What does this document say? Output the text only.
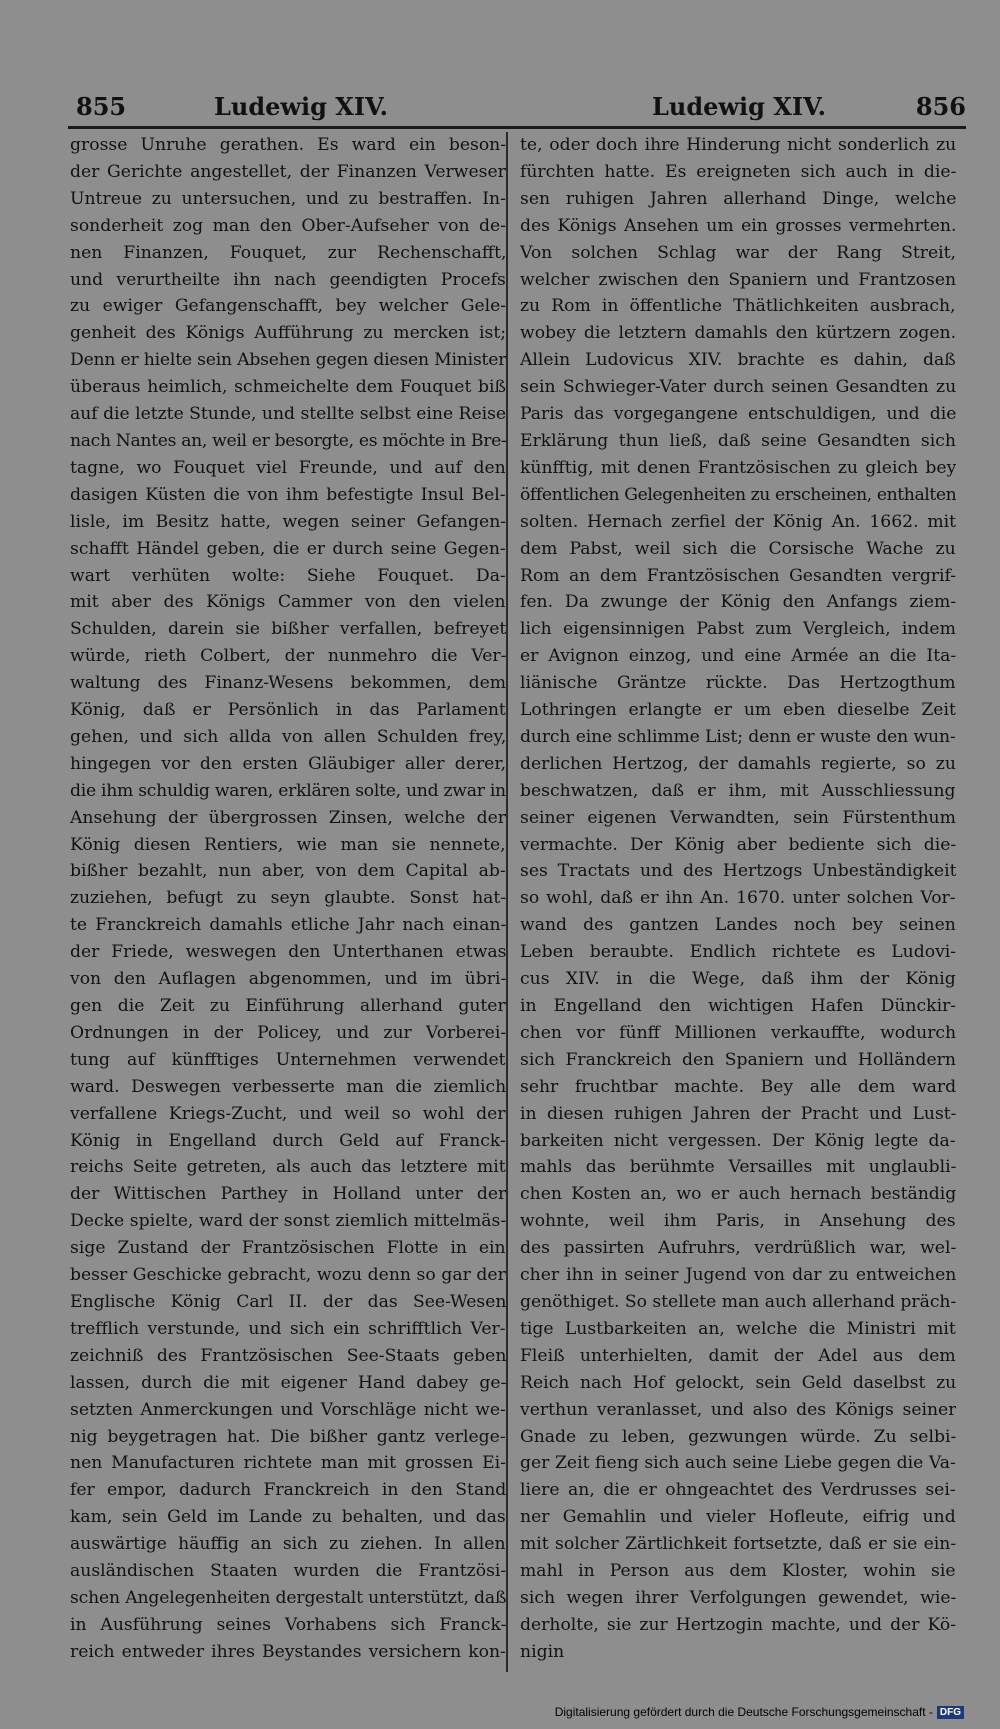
855	Ludewig XIV.	Ludewig XIV.	856

grosse Unruhe gerathen. Es ward ein beson-

der Gerichte angestellet, der Finanzen Verweser

Untreue zu untersuchen, und zu bestraffen. In-

sonderheit zog man den Ober-Aufseher von de-

nen Finanzen, Fouquet, zur Rechenschafft,

und verurtheilte ihn nach geendigten Procefs

zu ewiger Gefangenschafft, bey welcher Gele-

genheit des Königs Aufführung zu mercken ist;

Denn er hielte sein Absehen gegen diesen Minister

überaus heimlich, schmeichelte dem Fouquet biß

auf die letzte Stunde, und stellte selbst eine Reise

nach Nantes an, weil er besorgte, es möchte in Bre-

tagne, wo Fouquet viel Freunde, und auf den

dasigen Küsten die von ihm befestigte Insul Bel-

lisle, im Besitz hatte, wegen seiner Gefangen-

schafft Händel geben, die er durch seine Gegen-

wart verhüten wolte: Siehe Fouquet. Da-

mit aber des Königs Cammer von den vielen

Schulden, darein sie bißher verfallen, befreyet

würde, rieth Colbert, der nunmehro die Ver-

waltung des Finanz-Wesens bekommen, dem

König, daß er Persönlich in das Parlament

gehen, und sich allda von allen Schulden frey,

hingegen vor den ersten Gläubiger aller derer,

die ihm schuldig waren, erklären solte, und zwar in

Ansehung der übergrossen Zinsen, welche der

König diesen Rentiers, wie man sie nennete,

bißher bezahlt, nun aber, von dem Capital ab-

zuziehen, befugt zu seyn glaubte. Sonst hat-

te Franckreich damahls etliche Jahr nach einan-

der Friede, weswegen den Unterthanen etwas

von den Auflagen abgenommen, und im übri-

gen die Zeit zu Einführung allerhand guter

Ordnungen in der Policey, und zur Vorberei-

tung auf künfftiges Unternehmen verwendet

ward. Deswegen verbesserte man die ziemlich

verfallene Kriegs-Zucht, und weil so wohl der

König in Engelland durch Geld auf Franck-

reichs Seite getreten, als auch das letztere mit

der Wittischen Parthey in Holland unter der

Decke spielte, ward der sonst ziemlich mittelmäs-

sige Zustand der Frantzösischen Flotte in ein

besser Geschicke gebracht, wozu denn so gar der

Englische König Carl II. der das See-Wesen

trefflich verstunde, und sich ein schrifftlich Ver-

zeichniß des Frantzösischen See-Staats geben

lassen, durch die mit eigener Hand dabey ge-

setzten Anmerckungen und Vorschläge nicht we-

nig beygetragen hat. Die bißher gantz verlege-

nen Manufacturen richtete man mit grossen Ei-

fer empor, dadurch Franckreich in den Stand

kam, sein Geld im Lande zu behalten, und das

auswärtige häuffig an sich zu ziehen. In allen

ausländischen Staaten wurden die Frantzösi-

schen Angelegenheiten dergestalt unterstützt, daß

in Ausführung seines Vorhabens sich Franck-

reich entweder ihres Beystandes versichern kon-

te, oder doch ihre Hinderung nicht sonderlich zu

fürchten hatte. Es ereigneten sich auch in die-

sen ruhigen Jahren allerhand Dinge, welche

des Königs Ansehen um ein grosses vermehrten.

Von solchen Schlag war der Rang Streit,

welcher zwischen den Spaniern und Frantzosen

zu Rom in öffentliche Thätlichkeiten ausbrach,

wobey die letztern damahls den kürtzern zogen.

Allein Ludovicus XIV. brachte es dahin, daß

sein Schwieger-Vater durch seinen Gesandten zu

Paris das vorgegangene entschuldigen, und die

Erklärung thun ließ, daß seine Gesandten sich

künfftig, mit denen Frantzösischen zu gleich bey

öffentlichen Gelegenheiten zu erscheinen, enthalten

solten. Hernach zerfiel der König An. 1662. mit

dem Pabst, weil sich die Corsische Wache zu

Rom an dem Frantzösischen Gesandten vergrif-

fen. Da zwunge der König den Anfangs ziem-

lich eigensinnigen Pabst zum Vergleich, indem

er Avignon einzog, und eine Armée an die Ita-

liänische Gräntze rückte. Das Hertzogthum

Lothringen erlangte er um eben dieselbe Zeit

durch eine schlimme List; denn er wuste den wun-

derlichen Hertzog, der damahls regierte, so zu

beschwatzen, daß er ihm, mit Ausschliessung

seiner eigenen Verwandten, sein Fürstenthum

vermachte. Der König aber bediente sich die-

ses Tractats und des Hertzogs Unbeständigkeit

so wohl, daß er ihn An. 1670. unter solchen Vor-

wand des gantzen Landes noch bey seinen

Leben beraubte. Endlich richtete es Ludovi-

cus XIV. in die Wege, daß ihm der König

in Engelland den wichtigen Hafen Dünckir-

chen vor fünff Millionen verkauffte, wodurch

sich Franckreich den Spaniern und Holländern

sehr fruchtbar machte. Bey alle dem ward

in diesen ruhigen Jahren der Pracht und Lust-

barkeiten nicht vergessen. Der König legte da-

mahls das berühmte Versailles mit unglaubli-

chen Kosten an, wo er auch hernach beständig

wohnte, weil ihm Paris, in Ansehung des

des passirten Aufruhrs, verdrüßlich war, wel-

cher ihn in seiner Jugend von dar zu entweichen

genöthiget. So stellete man auch allerhand präch-

tige Lustbarkeiten an, welche die Ministri mit

Fleiß unterhielten, damit der Adel aus dem

Reich nach Hof gelockt, sein Geld daselbst zu

verthun veranlasset, und also des Königs seiner

Gnade zu leben, gezwungen würde. Zu selbi-

ger Zeit fieng sich auch seine Liebe gegen die Va-

liere an, die er ohngeachtet des Verdrusses sei-

ner Gemahlin und vieler Hofleute, eifrig und

mit solcher Zärtlichkeit fortsetzte, daß er sie ein-

mahl in Person aus dem Kloster, wohin sie

sich wegen ihrer Verfolgungen gewendet, wie-

derholte, sie zur Hertzogin machte, und der Kö-

nigin

Digitalisierung gefördert durch die Deutsche Forschungsgemeinschaft - DFG
